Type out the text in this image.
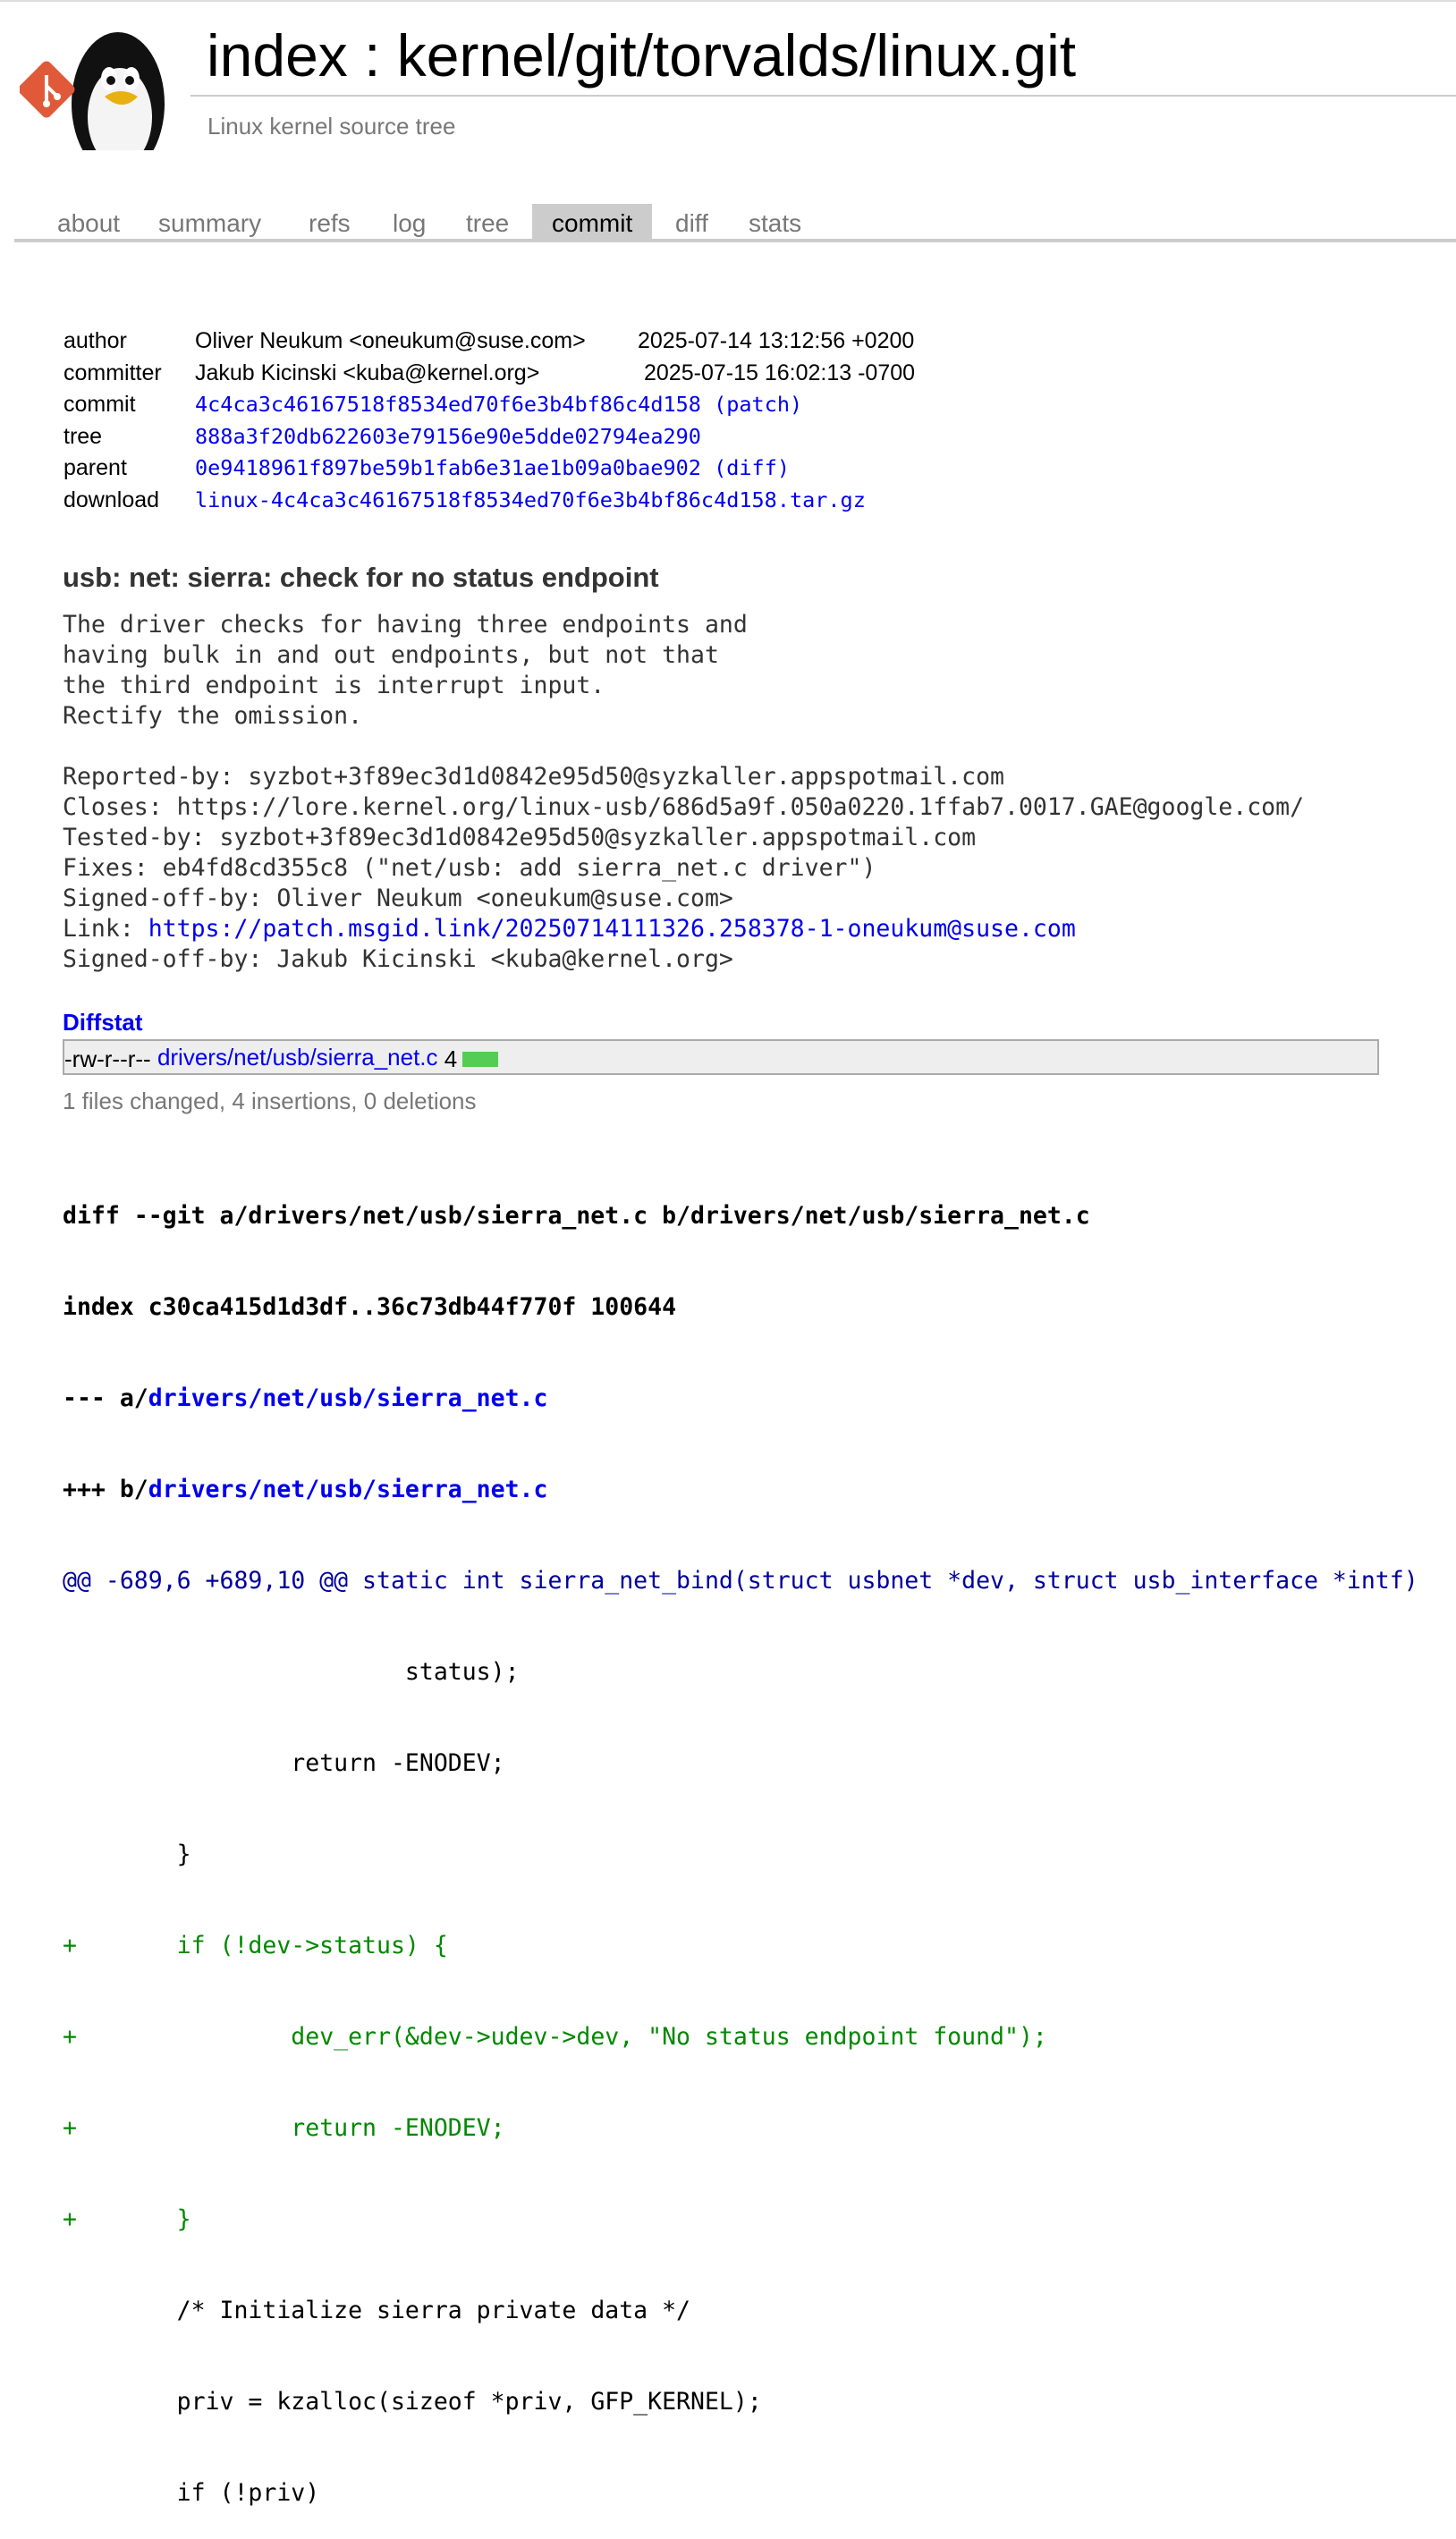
index : kernel/git/torvalds/linux.git
Linux kernel source tree
about	summary	refs	log	tree	commit	diff	stats
author	Oliver Neukum <oneukum@suse.com> 2025-07-14 13:12:56 +0200
committer Jakub Kicinski <kuba@kernel.org>	2025-07-15 16:02:13 -0700
commit	4c4ca3c46167518f8534ed70f6e3b4bf86c4d158 (patch)
tree	888a3f20db622603e79156e90e5dde02794ea290
parent	0e9418961f897be59b1fab6e31ae1b09a0bae902 (diff)
download linux-4c4ca3c46167518f8534ed70f6e3b4bf86c4d158.tar.gz
usb: net: sierra: check for no status endpoint
The driver checks for having three endpoints and
having bulk in and out endpoints, but not that
the third endpoint is interrupt input.
Rectify the omission.
Reported-by: syzbot+3f89ec3d1d0842e95d50@syzkaller.appspotmail.com
Closes: https://lore.kernel.org/linux-usb/686d5a9f.050a0220.1ffab7.0017.GAE@google.com/
Tested-by: syzbot+3f89ec3d1d0842e95d50@syzkaller.appspotmail.com
Fixes: eb4fd8cd355c8 ("net/usb: add sierra_net.c driver")
Signed-off-by: Oliver Neukum <oneukum@suse.com>
Link: https://patch.msgid.link/20250714111326.258378-1-oneukum@suse.com
Signed-off-by: Jakub Kicinski <kuba@kernel.org>
Diffstat
-rw-r--r-- drivers/net/usb/sierra_net.c 4
1 files changed, 4 insertions, 0 deletions

diff --git a/drivers/net/usb/sierra_net.c b/drivers/net/usb/sierra_net.c

index c30ca415d1d3df..36c73db44f770f 100644

--- a/drivers/net/usb/sierra_net.c

+++ b/drivers/net/usb/sierra_net.c

@@ -689,6 +689,10 @@ static int sierra_net_bind(struct usbnet *dev, struct usb_interface *intf)

			status);

		return -ENODEV;

	}

+	if (!dev->status) {

+		dev_err(&dev->udev->dev, "No status endpoint found");

+		return -ENODEV;

+	}

	/* Initialize sierra private data */

	priv = kzalloc(sizeof *priv, GFP_KERNEL);

	if (!priv)
